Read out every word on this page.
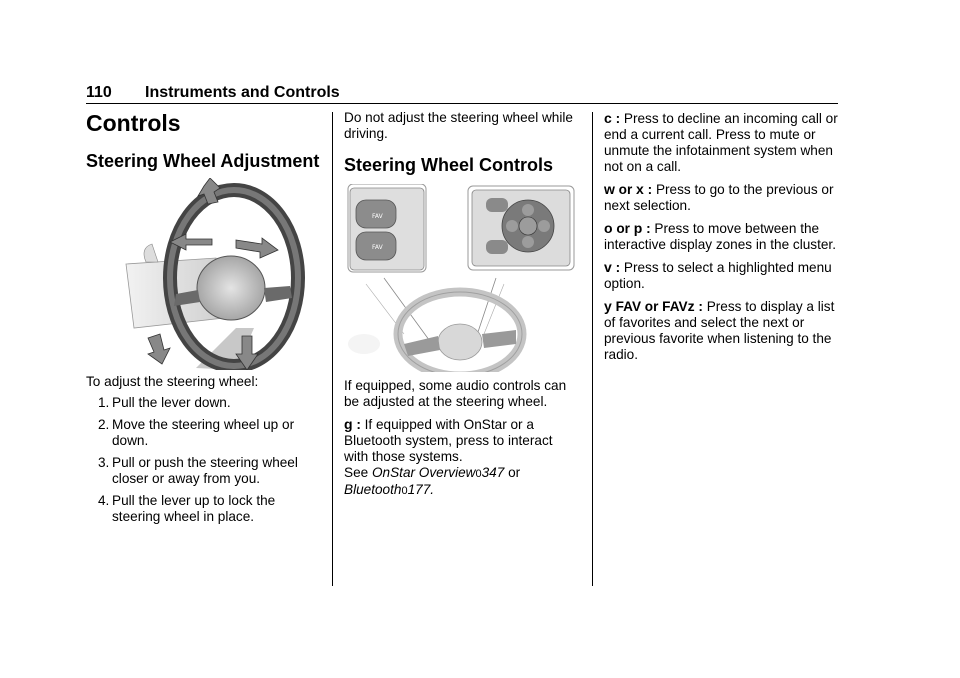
110 Instruments and Controls
Controls
Steering Wheel Adjustment

To adjust the steering wheel:

1. Pull the lever down.
2. Move the steering wheel up or down.
3. Pull or push the steering wheel closer or away from you.
4. Pull the lever up to lock the steering wheel in place.

Do not adjust the steering wheel while driving.

Steering Wheel Controls
FAV
FAV

If equipped, some audio controls can be adjusted at the steering wheel.

g : If equipped with OnStar or a Bluetooth system, press to interact with those systems.
See OnStar Overview0347 or
Bluetooth0177.

c : Press to decline an incoming call or end a current call. Press to mute or unmute the infotainment system when not on a call.

w or x : Press to go to the previous or next selection.

o or p : Press to move between the interactive display zones in the cluster.

v : Press to select a highlighted menu option.

y FAV or FAVz : Press to display a list of favorites and select the next or previous favorite when listening to the radio.
